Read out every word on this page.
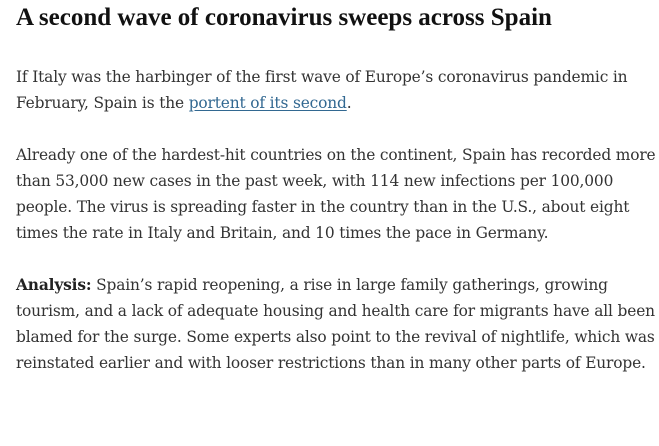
A second wave of coronavirus sweeps across Spain

If Italy was the harbinger of the first wave of Europe’s coronavirus pandemic in February, Spain is the portent of its second.

Already one of the hardest-hit countries on the continent, Spain has recorded more than 53,000 new cases in the past week, with 114 new infections per 100,000 people. The virus is spreading faster in the country than in the U.S., about eight times the rate in Italy and Britain, and 10 times the pace in Germany.

Analysis: Spain’s rapid reopening, a rise in large family gatherings, growing tourism, and a lack of adequate housing and health care for migrants have all been blamed for the surge. Some experts also point to the revival of nightlife, which was reinstated earlier and with looser restrictions than in many other parts of Europe.
